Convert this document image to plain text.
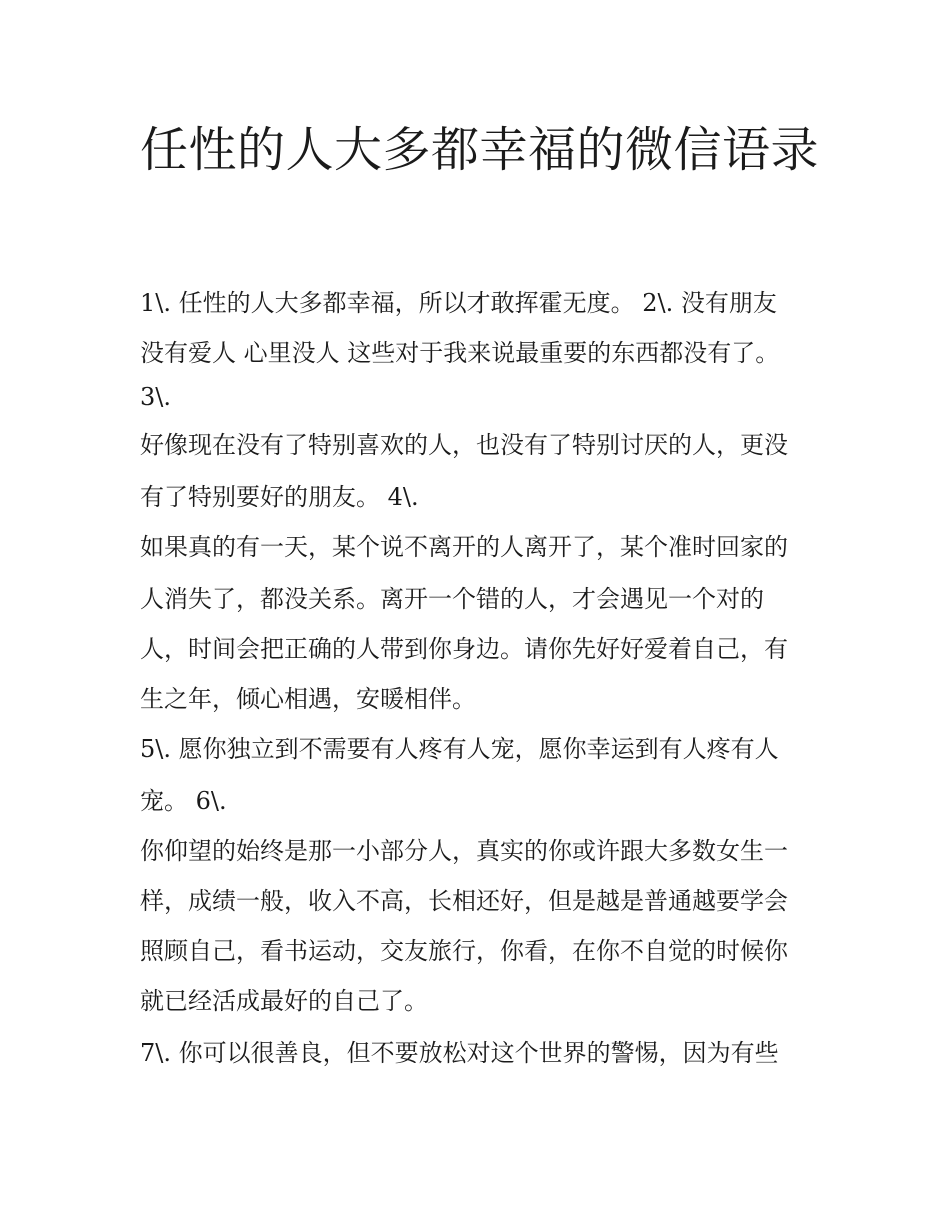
任性的人大多都幸福的微信语录

1\. 任性的人大多都幸福，所以才敢挥霍无度。 2\. 没有朋友

没有爱人 心里没人 这些对于我来说最重要的东西都没有了。

3\.

好像现在没有了特别喜欢的人，也没有了特别讨厌的人，更没

有了特别要好的朋友。 4\.

如果真的有一天，某个说不离开的人离开了，某个准时回家的

人消失了，都没关系。离开一个错的人，才会遇见一个对的

人，时间会把正确的人带到你身边。请你先好好爱着自己，有

生之年，倾心相遇，安暖相伴。

5\. 愿你独立到不需要有人疼有人宠，愿你幸运到有人疼有人

宠。 6\.

你仰望的始终是那一小部分人，真实的你或许跟大多数女生一

样，成绩一般，收入不高，长相还好，但是越是普通越要学会

照顾自己，看书运动，交友旅行，你看，在你不自觉的时候你

就已经活成最好的自己了。

7\. 你可以很善良，但不要放松对这个世界的警惕，因为有些
